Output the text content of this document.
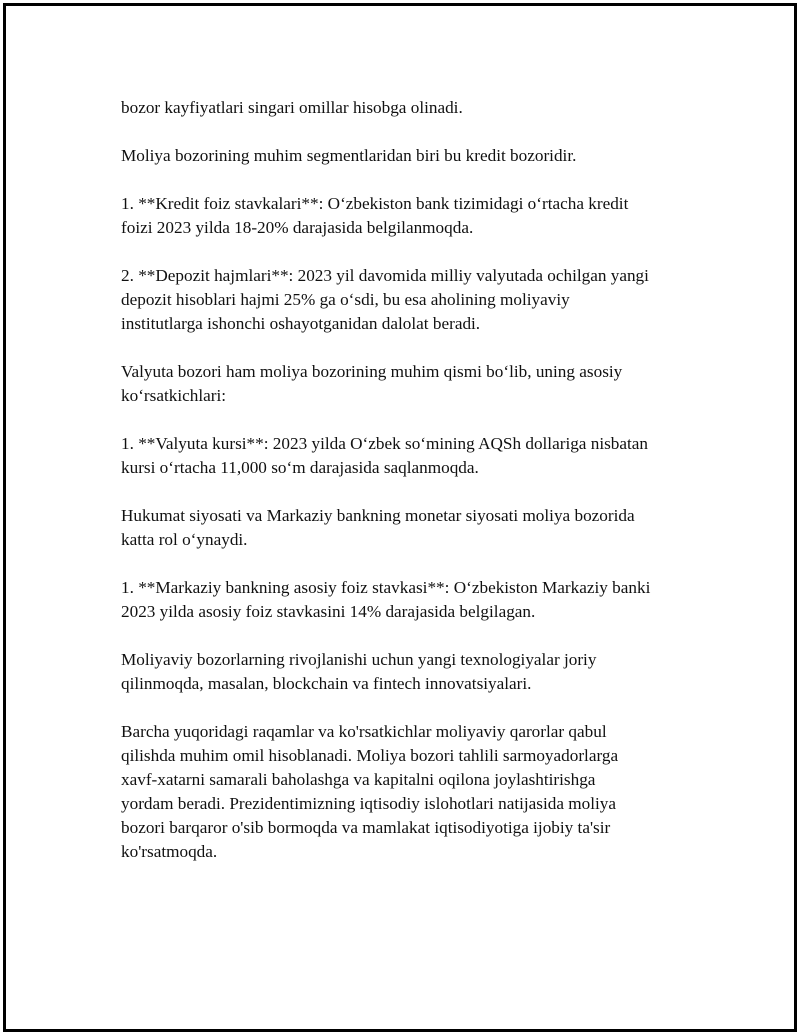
bozor kayfiyatlari singari omillar hisobga olinadi.

Moliya bozorining muhim segmentlaridan biri bu kredit bozoridir.

1. **Kredit foiz stavkalari**: O‘zbekiston bank tizimidagi o‘rtacha kredit
foizi 2023 yilda 18-20% darajasida belgilanmoqda.

2. **Depozit hajmlari**: 2023 yil davomida milliy valyutada ochilgan yangi
depozit hisoblari hajmi 25% ga o‘sdi, bu esa aholining moliyaviy
institutlarga ishonchi oshayotganidan dalolat beradi.

Valyuta bozori ham moliya bozorining muhim qismi bo‘lib, uning asosiy
ko‘rsatkichlari:

1. **Valyuta kursi**: 2023 yilda O‘zbek so‘mining AQSh dollariga nisbatan
kursi o‘rtacha 11,000 so‘m darajasida saqlanmoqda.

Hukumat siyosati va Markaziy bankning monetar siyosati moliya bozorida
katta rol o‘ynaydi.

1. **Markaziy bankning asosiy foiz stavkasi**: O‘zbekiston Markaziy banki
2023 yilda asosiy foiz stavkasini 14% darajasida belgilagan.

Moliyaviy bozorlarning rivojlanishi uchun yangi texnologiyalar joriy
qilinmoqda, masalan, blockchain va fintech innovatsiyalari.

Barcha yuqoridagi raqamlar va ko'rsatkichlar moliyaviy qarorlar qabul
qilishda muhim omil hisoblanadi. Moliya bozori tahlili sarmoyadorlarga
xavf-xatarni samarali baholashga va kapitalni oqilona joylashtirishga
yordam beradi. Prezidentimizning iqtisodiy islohotlari natijasida moliya
bozori barqaror o'sib bormoqda va mamlakat iqtisodiyotiga ijobiy ta'sir
ko'rsatmoqda.
